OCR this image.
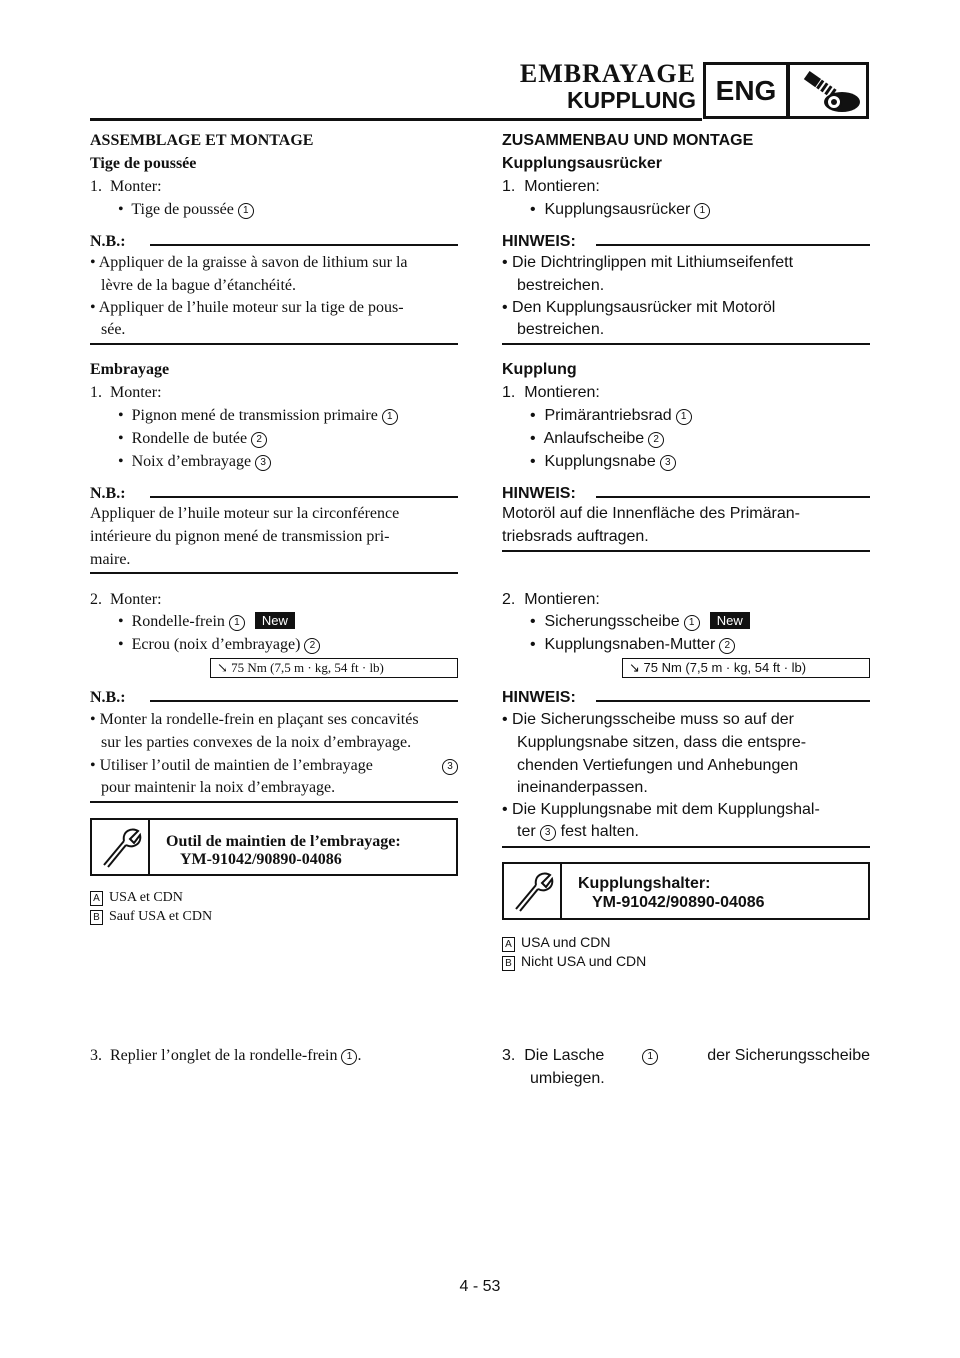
EMBRAYAGE
KUPPLUNG ENG
ASSEMBLAGE ET MONTAGE
Tige de poussée
1. Monter:
•  Tige de poussée 1
N.B.:
• Appliquer de la graisse à savon de lithium sur la
lèvre de la bague d’étanchéité.
• Appliquer de l’huile moteur sur la tige de pous-
sée.
Embrayage
1. Monter:
•  Pignon mené de transmission primaire 1
•  Rondelle de butée 2
•  Noix d’embrayage 3
N.B.:
Appliquer de l’huile moteur sur la circonférence
intérieure du pignon mené de transmission pri-
maire.
2. Monter:
•  Rondelle-frein 1 New
•  Ecrou (noix d’embrayage) 2
↘ 75 Nm (7,5 m · kg, 54 ft · lb)
N.B.:
• Monter la rondelle-frein en plaçant ses concavités
sur les parties convexes de la noix d’embrayage.
• Utiliser l’outil de maintien de l’embrayage	3
pour maintenir la noix d’embrayage.
Outil de maintien de l’embrayage:
YM-91042/90890-04086
A USA et CDN
B Sauf USA et CDN
3. Replier l’onglet de la rondelle-frein 1 .
ZUSAMMENBAU UND MONTAGE
Kupplungsausrücker
1. Montieren:
•  Kupplungsausrücker 1
HINWEIS:
• Die Dichtringlippen mit Lithiumseifenfett
bestreichen.
• Den Kupplungsausrücker mit Motoröl
bestreichen.
Kupplung
1. Montieren:
•  Primärantriebsrad 1
•  Anlaufscheibe 2
•  Kupplungsnabe 3
HINWEIS:
Motoröl auf die Innenfläche des Primäran-
triebsrads auftragen.
2. Montieren:
•  Sicherungsscheibe 1 New
•  Kupplungsnaben-Mutter 2
↘ 75 Nm (7,5 m · kg, 54 ft · lb)
HINWEIS:
• Die Sicherungsscheibe muss so auf der
Kupplungsnabe sitzen, dass die entspre-
chenden Vertiefungen und Anhebungen
ineinanderpassen.
• Die Kupplungsnabe mit dem Kupplungshal-
ter 3 fest halten.
Kupplungshalter:
YM-91042/90890-04086
A USA und CDN
B Nicht USA und CDN
3. Die Lasche	1	der Sicherungsscheibe
umbiegen.
4 - 53
